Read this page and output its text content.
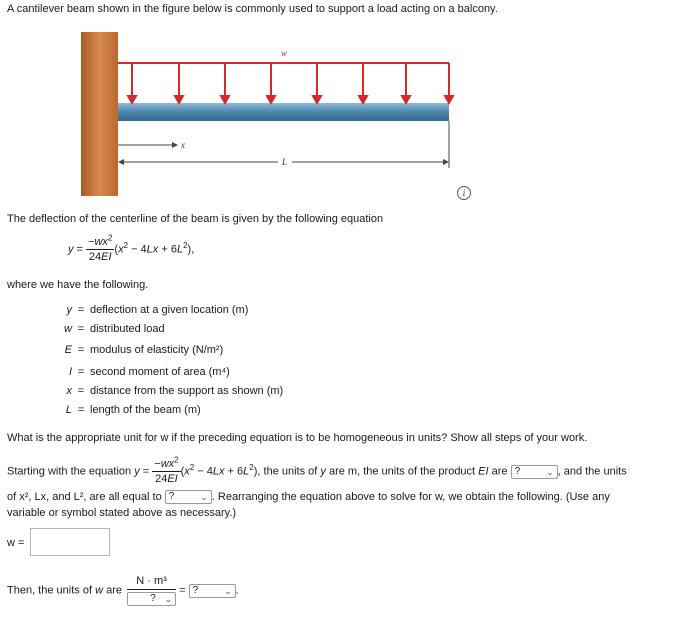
A cantilever beam shown in the figure below is commonly used to support a load acting on a balcony.
w
x
L
i
The deflection of the centerline of the beam is given by the following equation
$y = \frac{-wx^2}{24EI} (x^2 - 4Lx + 6L^2)$,
where we have the following.
y = deflection at a given location (m)
w = distributed load
E = modulus of elasticity (N/m²)
I = second moment of area (m⁴)
x = distance from the support as shown (m)
L = length of the beam (m)
What is the appropriate unit for w if the preceding equation is to be homogeneous in units? Show all steps of your work.
Starting with the equation $y = \frac{-wx^2}{24EI} (x^2 - 4Lx + 6L^2)$, the units of y are m, the units of the product EI are ?	⌄ , and the units
of x², Lx, and L², are all equal to ?	⌄ . Rearranging the equation above to solve for w, we obtain the following. (Use any
variable or symbol stated above as necessary.)
w =
Then, the units of w are $\frac{\text{N · m³}}{? ⌄}$ = ?	⌄ .
